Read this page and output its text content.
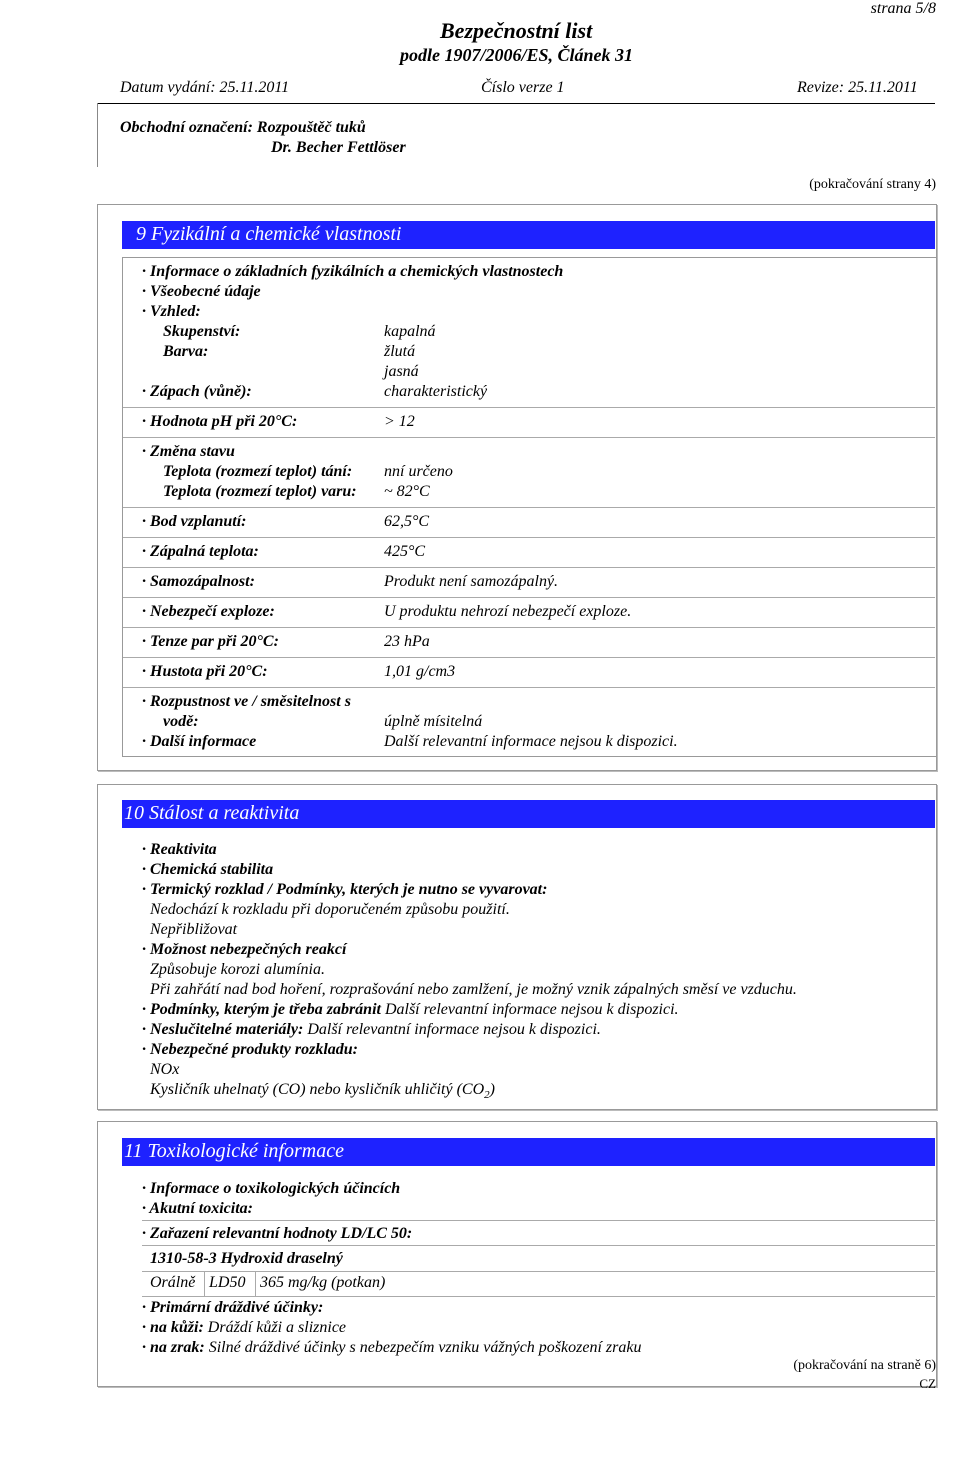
strana 5/8
Bezpečnostní list
podle 1907/2006/ES, Článek 31
Datum vydání: 25.11.2011	Číslo verze 1	Revize: 25.11.2011
Obchodní označení: Rozpouštěč tuků
Dr. Becher Fettlöser
(pokračování strany 4)
9 Fyzikální a chemické vlastnosti
· Informace o základních fyzikálních a chemických vlastnostech
· Všeobecné údaje
· Vzhled:
Skupenství:	kapalná
Barva:	žlutá
jasná
· Zápach (vůně):	charakteristický
· Hodnota pH při 20°C:	> 12
· Změna stavu
Teplota (rozmezí teplot) tání: nní určeno
Teplota (rozmezí teplot) varu: ~ 82°C
· Bod vzplanutí:	62,5°C
· Zápalná teplota:	425°C
· Samozápalnost:	Produkt není samozápalný.
· Nebezpečí exploze:	U produktu nehrozí nebezpečí exploze.
· Tenze par při 20°C:	23 hPa
· Hustota při 20°C:	1,01 g/cm3
· Rozpustnost ve / směsitelnost s
vodě:	úplně mísitelná
· Další informace	Další relevantní informace nejsou k dispozici.
10 Stálost a reaktivita
· Reaktivita
· Chemická stabilita
· Termický rozklad / Podmínky, kterých je nutno se vyvarovat:
Nedochází k rozkladu při doporučeném způsobu použití.
Nepřibližovat
· Možnost nebezpečných reakcí
Způsobuje korozi alumínia.
Při zahřátí nad bod hoření, rozprašování nebo zamlžení, je možný vznik zápalných směsí ve vzduchu.
· Podmínky, kterým je třeba zabránit Další relevantní informace nejsou k dispozici.
· Neslučitelné materiály: Další relevantní informace nejsou k dispozici.
· Nebezpečné produkty rozkladu:
NOx
Kysličník uhelnatý (CO) nebo kysličník uhličitý $(CO_2)$
11 Toxikologické informace
· Informace o toxikologických účincích
· Akutní toxicita:
· Zařazení relevantní hodnoty LD/LC 50:
1310-58-3 Hydroxid draselný
Orálně LD50 365 mg/kg (potkan)
· Primární dráždivé účinky:
· na kůži: Dráždí kůži a sliznice
· na zrak: Silné dráždivé účinky s nebezpečím vzniku vážných poškození zraku
(pokračování na straně 6)
CZ
